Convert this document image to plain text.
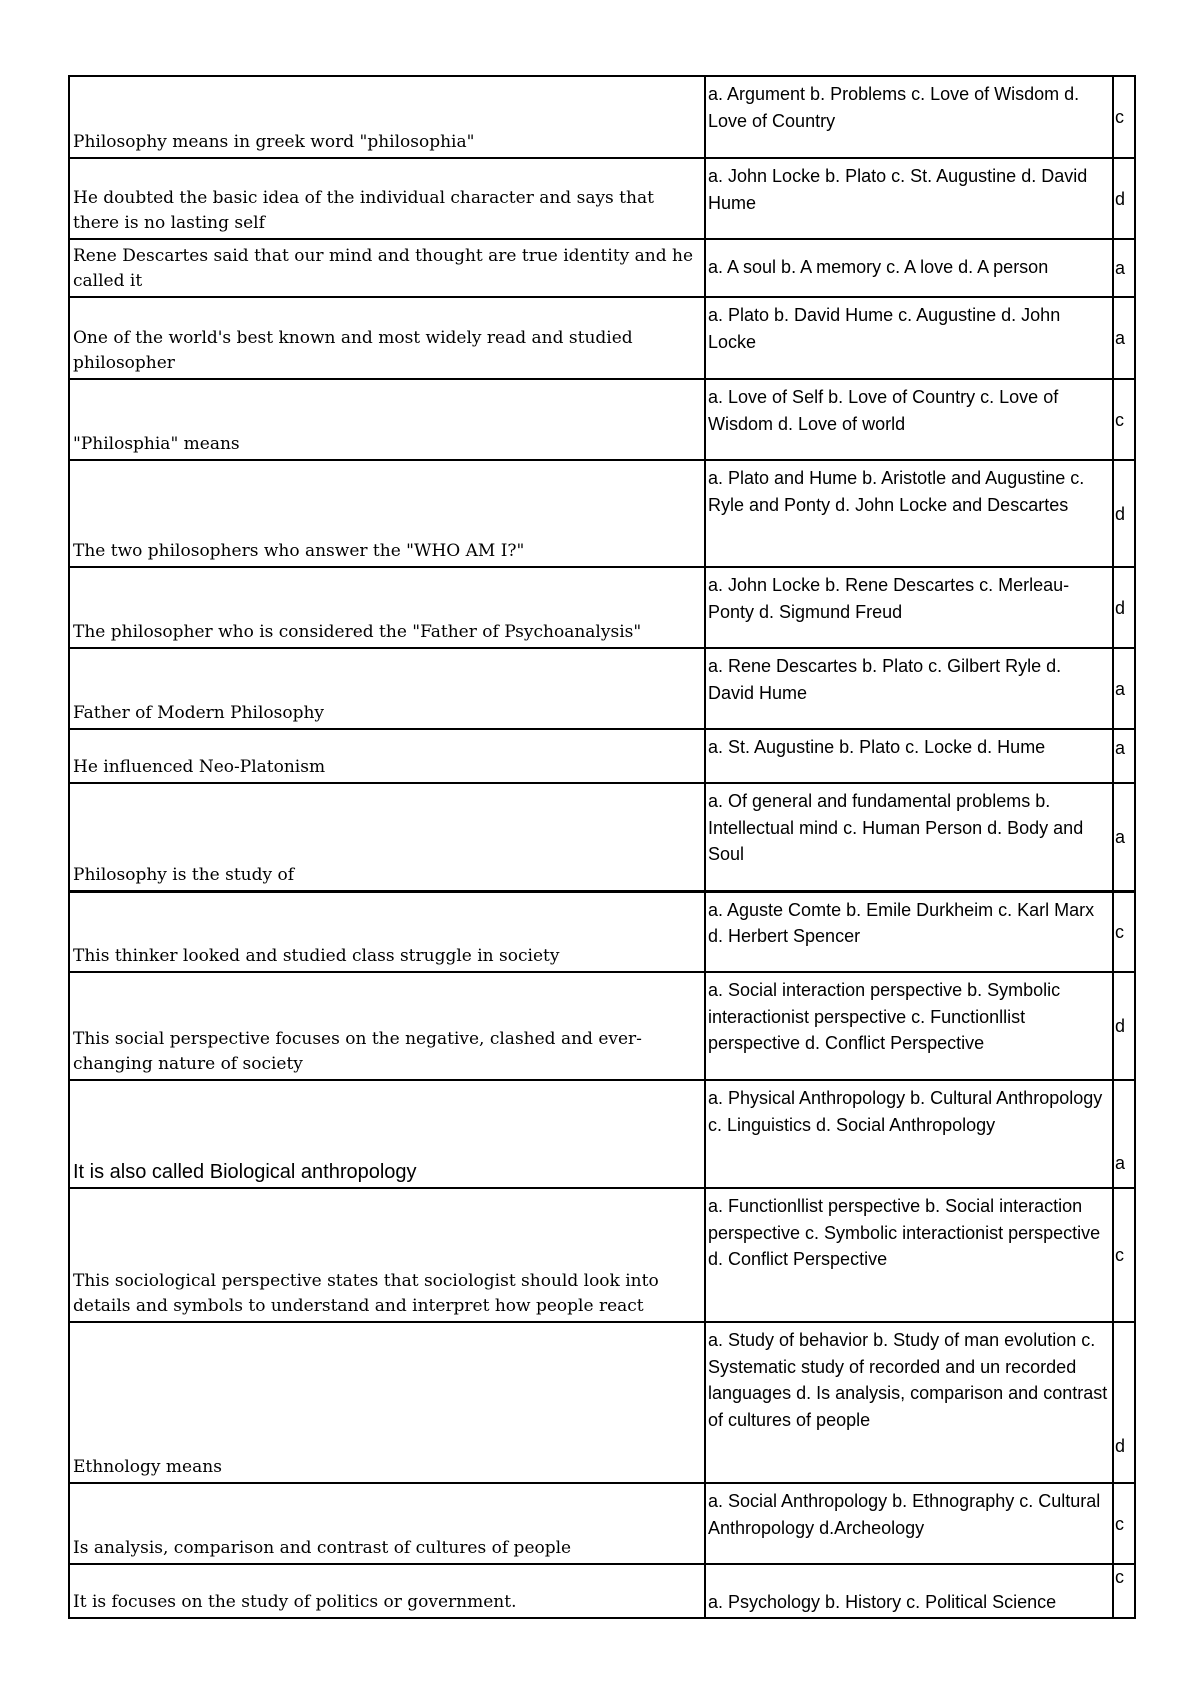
Philosophy means in greek word "philosophia"	a. Argument b. Problems c. Love of Wisdom d. Love of Country	c
He doubted the basic idea of the individual character and says that there is no lasting self	a. John Locke b. Plato c. St. Augustine d. David Hume	d
Rene Descartes said that our mind and thought are true identity and he called it	a. A soul b. A memory c. A love d. A person	a
One of the world's best known and most widely read and studied philosopher	a. Plato b. David Hume c. Augustine d. John Locke	a
"Philosphia" means	a. Love of Self b. Love of Country c. Love of Wisdom d. Love of world	c
The two philosophers who answer the "WHO AM I?"	a. Plato and Hume b. Aristotle and Augustine c. Ryle and Ponty d. John Locke and Descartes	d
The philosopher who is considered the "Father of Psychoanalysis"	a. John Locke b. Rene Descartes c. Merleau-Ponty d. Sigmund Freud	d
Father of Modern Philosophy	a. Rene Descartes b. Plato c. Gilbert Ryle d. David Hume	a
He influenced Neo-Platonism	a. St. Augustine b. Plato c. Locke d. Hume	a
Philosophy is the study of	a. Of general and fundamental problems b. Intellectual mind c. Human Person d. Body and Soul	a
This thinker looked and studied class struggle in society	a. Aguste Comte b. Emile Durkheim c. Karl Marx d. Herbert Spencer	c
This social perspective focuses on the negative, clashed and ever-changing nature of society	a. Social interaction perspective b. Symbolic interactionist perspective c. Functionllist perspective d. Conflict Perspective	d
It is also called Biological anthropology	a. Physical Anthropology b. Cultural Anthropology c. Linguistics d. Social Anthropology	a
This sociological perspective states that sociologist should look into details and symbols to understand and interpret how people react	a. Functionllist perspective b. Social interaction perspective c. Symbolic interactionist perspective d. Conflict Perspective	c
Ethnology means	a. Study of behavior b. Study of man evolution c. Systematic study of recorded and un recorded languages d. Is analysis, comparison and contrast of cultures of people	d
Is analysis, comparison and contrast of cultures of people	a. Social Anthropology b. Ethnography c. Cultural Anthropology d.Archeology	c
It is focuses on the study of politics or government.	a. Psychology b. History c. Political Science	c
